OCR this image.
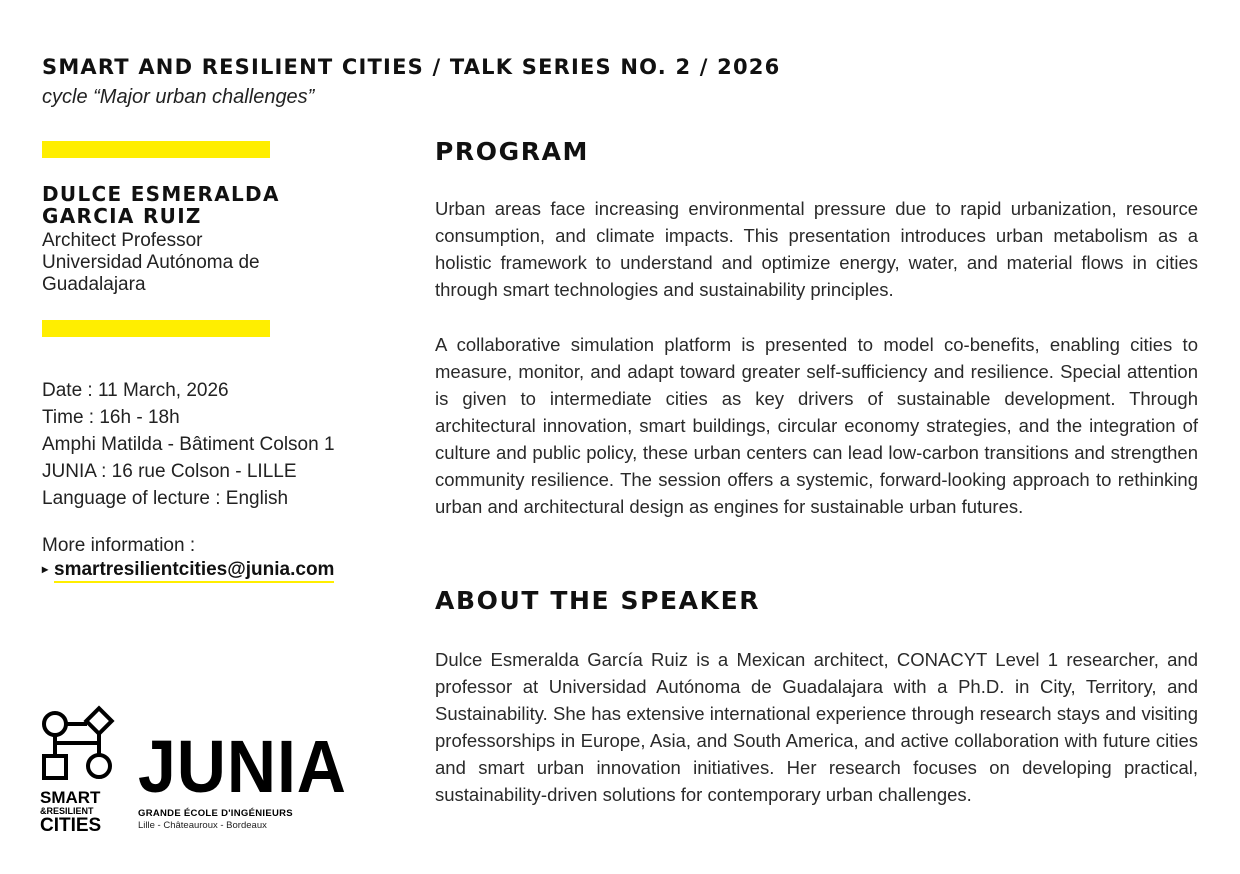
SMART AND RESILIENT CITIES / TALK SERIES NO. 2 / 2026
cycle “Major urban challenges”
DULCE ESMERALDA
GARCIA RUIZ
Architect Professor
Universidad Autónoma de
Guadalajara
Date : 11 March, 2026
Time : 16h - 18h
Amphi Matilda - Bâtiment Colson 1
JUNIA : 16 rue Colson - LILLE
Language of lecture : English
More information :
▸ smartresilientcities@junia.com
SMART
&RESILIENT
CITIES
JUNIA
GRANDE ÉCOLE D'INGÉNIEURS
Lille - Châteauroux - Bordeaux
PROGRAM
Urban areas face increasing environmental pressure due to rapid urbanization, resource consumption, and climate impacts. This presentation introduces urban metabolism as a holistic framework to understand and optimize energy, water, and material flows in cities through smart technologies and sustainability principles.
A collaborative simulation platform is presented to model co-benefits, enabling cities to measure, monitor, and adapt toward greater self-sufficiency and resilience. Special attention is given to intermediate cities as key drivers of sustainable development. Through architectural innovation, smart buildings, circular economy strategies, and the integration of culture and public policy, these urban centers can lead low-carbon transitions and strengthen community resilience. The session offers a systemic, forward-looking approach to rethinking urban and architectural design as engines for sustainable urban futures.
ABOUT THE SPEAKER
Dulce Esmeralda García Ruiz is a Mexican architect, CONACYT Level 1 researcher, and professor at Universidad Autónoma de Guadalajara with a Ph.D. in City, Territory, and Sustainability. She has extensive international experience through research stays and visiting professorships in Europe, Asia, and South America, and active collaboration with future cities and smart urban innovation initiatives. Her research focuses on developing practical, sustainability-driven solutions for contemporary urban challenges.
